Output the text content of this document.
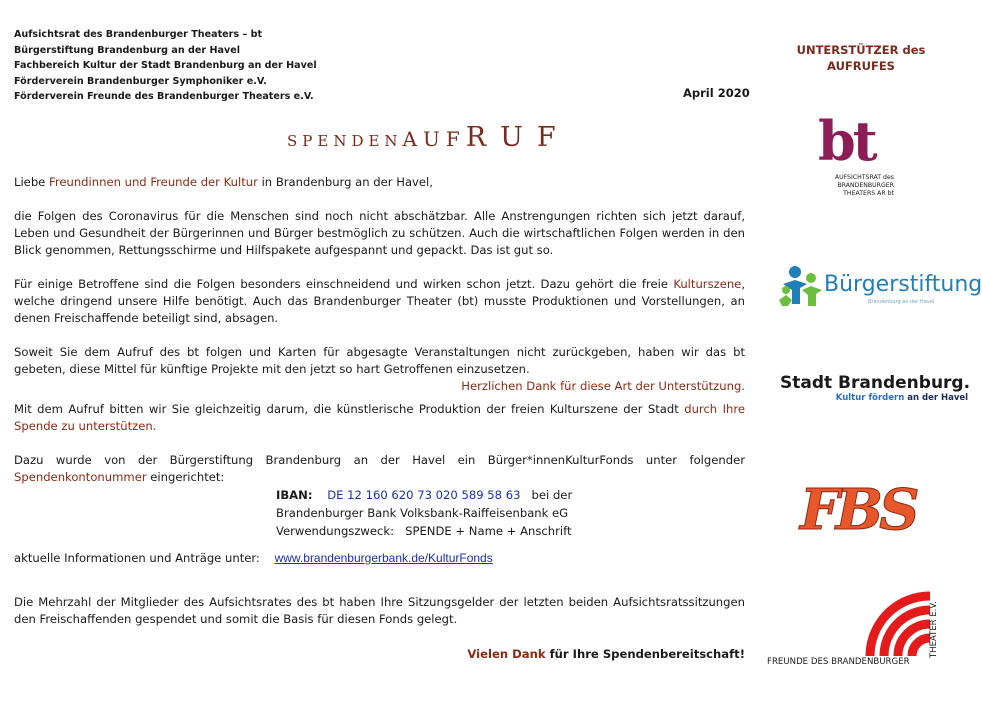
Aufsichtsrat des Brandenburger Theaters – bt
Bürgerstiftung Brandenburg an der Havel
Fachbereich Kultur der Stadt Brandenburg an der Havel
Förderverein Brandenburger Symphoniker e.V.
Förderverein Freunde des Brandenburger Theaters e.V.	April 2020
SPENDENAUFRUF

Liebe Freundinnen und Freunde der Kultur in Brandenburg an der Havel,

die Folgen des Coronavirus für die Menschen sind noch nicht abschätzbar. Alle Anstrengungen richten sich jetzt darauf, Leben und Gesundheit der Bürgerinnen und Bürger bestmöglich zu schützen. Auch die wirtschaftlichen Folgen werden in den Blick genommen, Rettungsschirme und Hilfspakete aufgespannt und gepackt. Das ist gut so.

Für einige Betroffene sind die Folgen besonders einschneidend und wirken schon jetzt. Dazu gehört die freie Kulturszene, welche dringend unsere Hilfe benötigt. Auch das Brandenburger Theater (bt) musste Produktionen und Vorstellungen, an denen Freischaffende beteiligt sind, absagen.

Soweit Sie dem Aufruf des bt folgen und Karten für abgesagte Veranstaltungen nicht zurückgeben, haben wir das bt gebeten, diese Mittel für künftige Projekte mit den jetzt so hart Getroffenen einzusetzen.

Herzlichen Dank für diese Art der Unterstützung.

Mit dem Aufruf bitten wir Sie gleichzeitig darum, die künstlerische Produktion der freien Kulturszene der Stadt durch Ihre Spende zu unterstützen.

Dazu wurde von der Bürgerstiftung Brandenburg an der Havel ein Bürger*innenKulturFonds unter folgender Spendenkontonummer eingerichtet:

IBAN: DE 12 160 620 73 020 589 58 63 bei der
Brandenburger Bank Volksbank-Raiffeisenbank eG
Verwendungszweck: SPENDE + Name + Anschrift

aktuelle Informationen und Anträge unter: www.brandenburgerbank.de/KulturFonds

Die Mehrzahl der Mitglieder des Aufsichtsrates des bt haben Ihre Sitzungsgelder der letzten beiden Aufsichtsratssitzungen den Freischaffenden gespendet und somit die Basis für diesen Fonds gelegt.

Vielen Dank für Ihre Spendenbereitschaft!

UNTERSTÜTZER des
AUFRUFES
bt
AUFSICHTSRAT des
BRANDENBURGER
THEATERS AR bt
Bürgerstiftung
Brandenburg an der Havel
Stadt Brandenburg.
Kultur fördern an der Havel
FBS
THEATER E.V.
FREUNDE DES BRANDENBURGER
